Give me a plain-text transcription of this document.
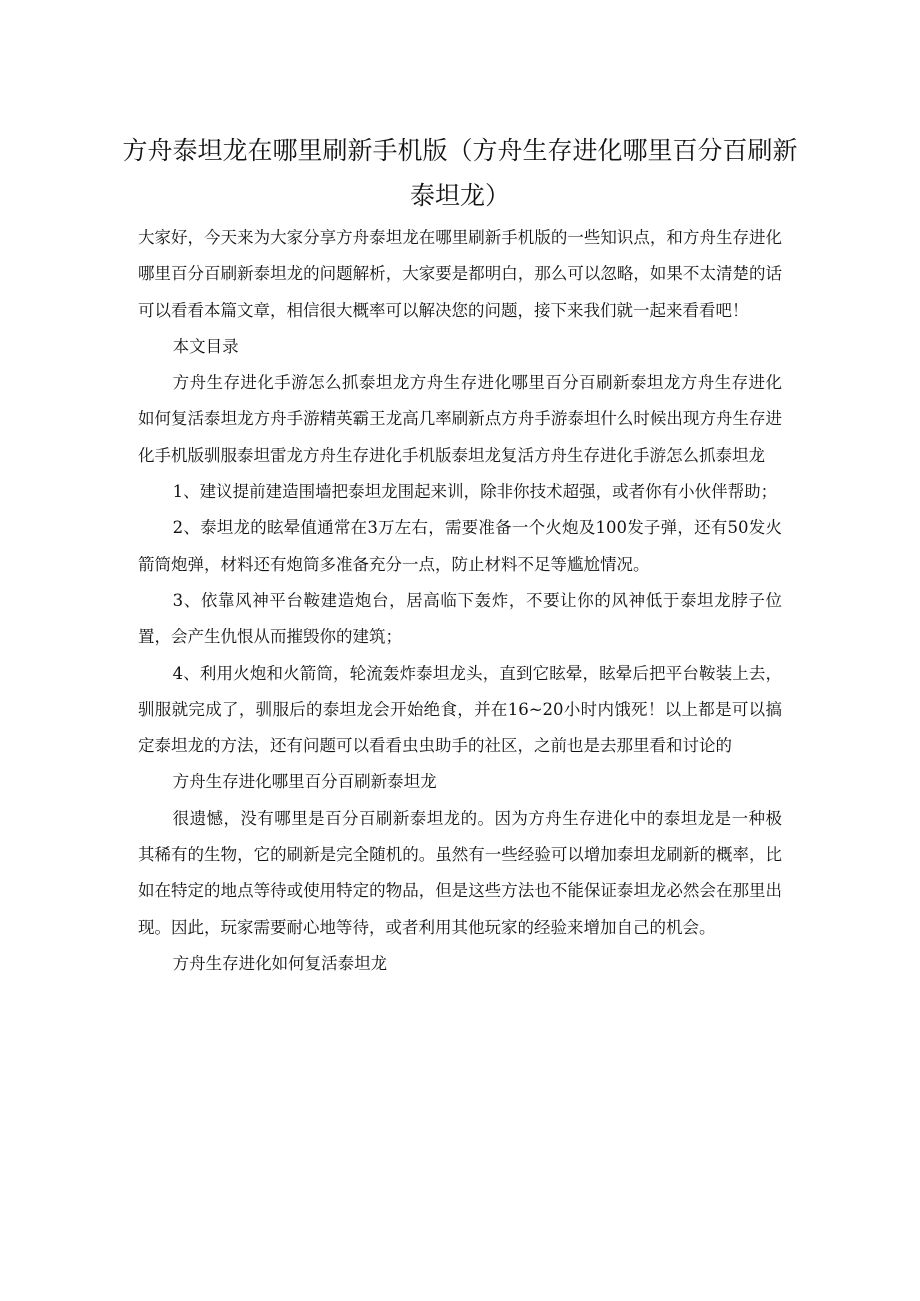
方舟泰坦龙在哪里刷新手机版（方舟生存进化哪里百分百刷新泰坦龙）

大家好，今天来为大家分享方舟泰坦龙在哪里刷新手机版的一些知识点，和方舟生存进化哪里百分百刷新泰坦龙的问题解析，大家要是都明白，那么可以忽略，如果不太清楚的话可以看看本篇文章，相信很大概率可以解决您的问题，接下来我们就一起来看看吧！

本文目录

方舟生存进化手游怎么抓泰坦龙方舟生存进化哪里百分百刷新泰坦龙方舟生存进化如何复活泰坦龙方舟手游精英霸王龙高几率刷新点方舟手游泰坦什么时候出现方舟生存进化手机版驯服泰坦雷龙方舟生存进化手机版泰坦龙复活方舟生存进化手游怎么抓泰坦龙

1、建议提前建造围墙把泰坦龙围起来训，除非你技术超强，或者你有小伙伴帮助；

2、泰坦龙的眩晕值通常在3万左右，需要准备一个火炮及100发子弹，还有50发火箭筒炮弹，材料还有炮筒多准备充分一点，防止材料不足等尴尬情况。

3、依靠风神平台鞍建造炮台，居高临下轰炸，不要让你的风神低于泰坦龙脖子位置，会产生仇恨从而摧毁你的建筑；

4、利用火炮和火箭筒，轮流轰炸泰坦龙头，直到它眩晕，眩晕后把平台鞍装上去，驯服就完成了，驯服后的泰坦龙会开始绝食，并在16~20小时内饿死！以上都是可以搞定泰坦龙的方法，还有问题可以看看虫虫助手的社区，之前也是去那里看和讨论的

方舟生存进化哪里百分百刷新泰坦龙

很遗憾，没有哪里是百分百刷新泰坦龙的。因为方舟生存进化中的泰坦龙是一种极其稀有的生物，它的刷新是完全随机的。虽然有一些经验可以增加泰坦龙刷新的概率，比如在特定的地点等待或使用特定的物品，但是这些方法也不能保证泰坦龙必然会在那里出现。因此，玩家需要耐心地等待，或者利用其他玩家的经验来增加自己的机会。

方舟生存进化如何复活泰坦龙
